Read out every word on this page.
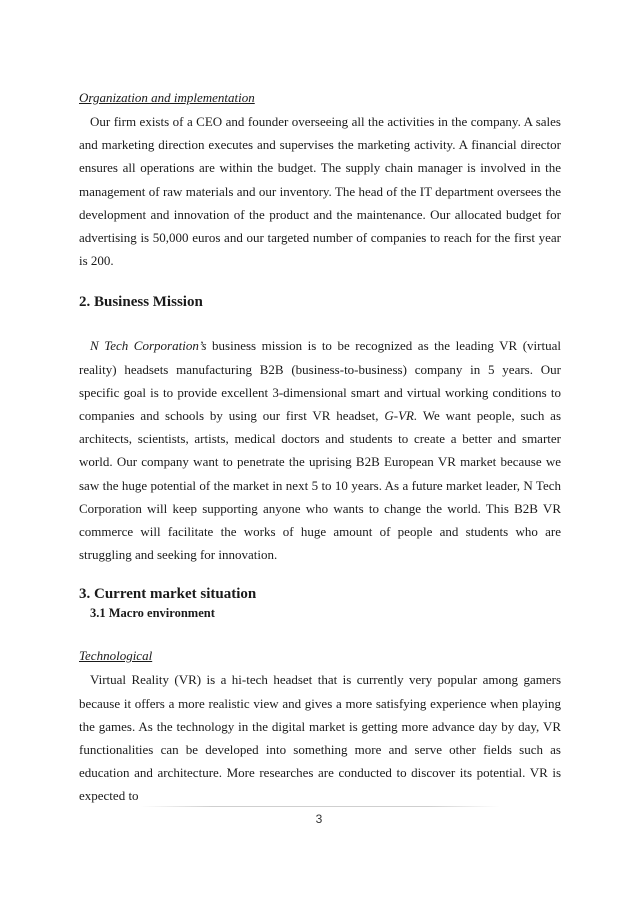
Organization and implementation

Our firm exists of a CEO and founder overseeing all the activities in the company. A sales and marketing direction executes and supervises the marketing activity. A financial director ensures all operations are within the budget. The supply chain manager is involved in the management of raw materials and our inventory. The head of the IT department oversees the development and innovation of the product and the maintenance. Our allocated budget for advertising is 50,000 euros and our targeted number of companies to reach for the first year is 200.

2. Business Mission

N Tech Corporation’s business mission is to be recognized as the leading VR (virtual reality) headsets manufacturing B2B (business-to-business) company in 5 years. Our specific goal is to provide excellent 3-dimensional smart and virtual working conditions to companies and schools by using our first VR headset, G-VR. We want people, such as architects, scientists, artists, medical doctors and students to create a better and smarter world. Our company want to penetrate the uprising B2B European VR market because we saw the huge potential of the market in next 5 to 10 years. As a future market leader, N Tech Corporation will keep supporting anyone who wants to change the world. This B2B VR commerce will facilitate the works of huge amount of people and students who are struggling and seeking for innovation.

3. Current market situation
3.1 Macro environment
Technological

Virtual Reality (VR) is a hi-tech headset that is currently very popular among gamers because it offers a more realistic view and gives a more satisfying experience when playing the games. As the technology in the digital market is getting more advance day by day, VR functionalities can be developed into something more and serve other fields such as education and architecture. More researches are conducted to discover its potential. VR is expected to

3
